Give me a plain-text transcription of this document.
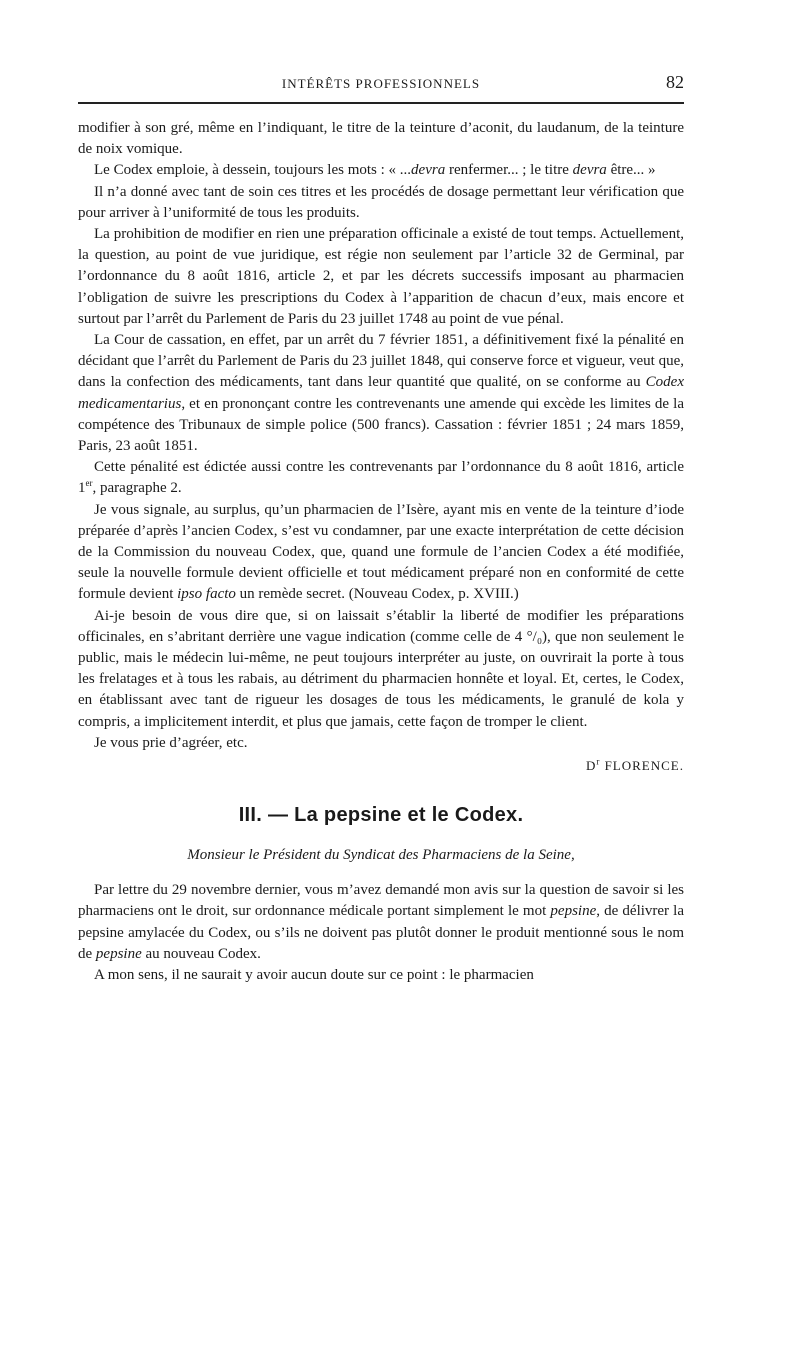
INTÉRÊTS PROFESSIONNELS	82

modifier à son gré, même en l’indiquant, le titre de la teinture d’aconit, du laudanum, de la teinture de noix vomique.

Le Codex emploie, à dessein, toujours les mots : « ...devra renfermer... ; le titre devra être... »

Il n’a donné avec tant de soin ces titres et les procédés de dosage permettant leur vérification que pour arriver à l’uniformité de tous les produits.

La prohibition de modifier en rien une préparation officinale a existé de tout temps. Actuellement, la question, au point de vue juridique, est régie non seulement par l’article 32 de Germinal, par l’ordonnance du 8 août 1816, article 2, et par les décrets successifs imposant au pharmacien l’obligation de suivre les prescriptions du Codex à l’apparition de chacun d’eux, mais encore et surtout par l’arrêt du Parlement de Paris du 23 juillet 1748 au point de vue pénal.

La Cour de cassation, en effet, par un arrêt du 7 février 1851, a définitivement fixé la pénalité en décidant que l’arrêt du Parlement de Paris du 23 juillet 1848, qui conserve force et vigueur, veut que, dans la confection des médicaments, tant dans leur quantité que qualité, on se conforme au Codex medicamentarius, et en prononçant contre les contrevenants une amende qui excède les limites de la compétence des Tribunaux de simple police (500 francs). Cassation : février 1851 ; 24 mars 1859, Paris, 23 août 1851.

Cette pénalité est édictée aussi contre les contrevenants par l’ordonnance du 8 août 1816, article 1er, paragraphe 2.

Je vous signale, au surplus, qu’un pharmacien de l’Isère, ayant mis en vente de la teinture d’iode préparée d’après l’ancien Codex, s’est vu condamner, par une exacte interprétation de cette décision de la Commission du nouveau Codex, que, quand une formule de l’ancien Codex a été modifiée, seule la nouvelle formule devient officielle et tout médicament préparé non en conformité de cette formule devient ipso facto un remède secret. (Nouveau Codex, p. XVIII.)

Ai-je besoin de vous dire que, si on laissait s’établir la liberté de modifier les préparations officinales, en s’abritant derrière une vague indication (comme celle de 4 °/₀), que non seulement le public, mais le médecin lui-même, ne peut toujours interpréter au juste, on ouvrirait la porte à tous les frelatages et à tous les rabais, au détriment du pharmacien honnête et loyal. Et, certes, le Codex, en établissant avec tant de rigueur les dosages de tous les médicaments, le granulé de kola y compris, a implicitement interdit, et plus que jamais, cette façon de tromper le client.

Je vous prie d’agréer, etc.

$D^r$ FLORENCE.
III. — La pepsine et le Codex.
Monsieur le Président du Syndicat des Pharmaciens de la Seine,

Par lettre du 29 novembre dernier, vous m’avez demandé mon avis sur la question de savoir si les pharmaciens ont le droit, sur ordonnance médicale portant simplement le mot pepsine, de délivrer la pepsine amylacée du Codex, ou s’ils ne doivent pas plutôt donner le produit mentionné sous le nom de pepsine au nouveau Codex.

A mon sens, il ne saurait y avoir aucun doute sur ce point : le pharmacien
